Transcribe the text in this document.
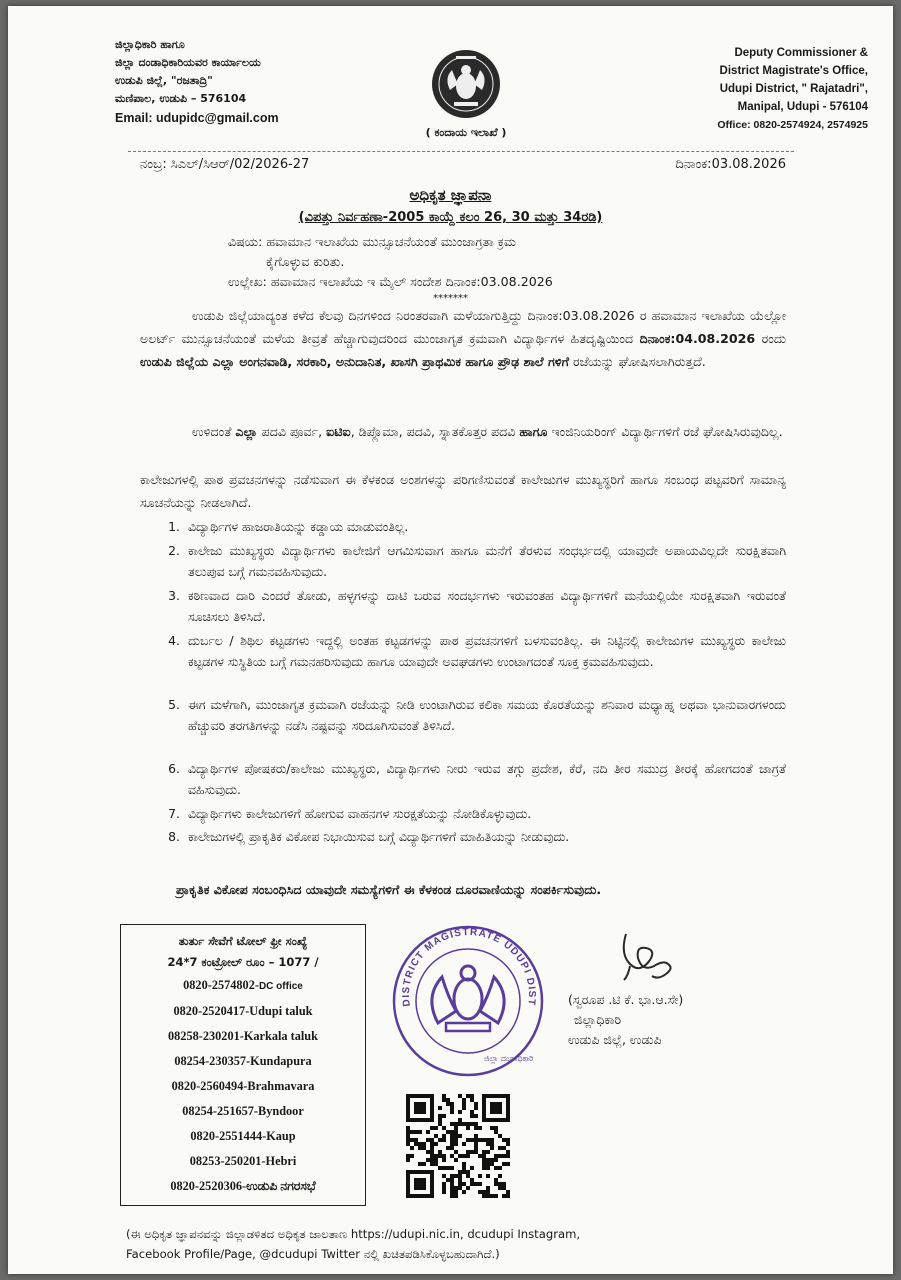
ಜಿಲ್ಲಾಧಿಕಾರಿ ಹಾಗೂ
ಜಿಲ್ಲಾ ದಂಡಾಧಿಕಾರಿಯವರ ಕಾರ್ಯಾಲಯ
ಉಡುಪಿ ಜಿಲ್ಲೆ, "ರಜತಾದ್ರಿ"
ಮಣಿಪಾಲ, ಉಡುಪಿ – 576104
Email: udupidc@gmail.com
( ಕಂದಾಯ ಇಲಾಖೆ )
Deputy Commissioner &
District Magistrate's Office,
Udupi District, " Rajatadri",
Manipal, Udupi - 576104
Office: 0820-2574924, 2574925
ನಂಬ್ರ: ಸಿಎಲ್/ಸಿಆರ್/02/2026-27	ದಿನಾಂಕ:03.08.2026
ಅಧಿಕೃತ ಜ್ಞಾಪನಾ
(ವಿಪತ್ತು ನಿರ್ವಹಣಾ-2005 ಕಾಯ್ದೆ ಕಲಂ 26, 30 ಮತ್ತು 34ರಡಿ)
ವಿಷಯ: ಹವಾಮಾನ ಇಲಾಖೆಯ ಮುನ್ಸೂಚನೆಯಂತೆ ಮುಂಜಾಗ್ರತಾ ಕ್ರಮ
ಕೈಗೊಳ್ಳುವ ಕುರಿತು.
ಉಲ್ಲೇಖ: ಹವಾಮಾನ ಇಲಾಖೆಯ ಇ ಮೈಲ್ ಸಂದೇಶ ದಿನಾಂಕ:03.08.2026
*******
ಉಡುಪಿ ಜಿಲ್ಲೆಯಾದ್ಯಂತ ಕಳೆದ ಕೆಲವು ದಿನಗಳಿಂದ ನಿರಂತರವಾಗಿ ಮಳೆಯಾಗುತ್ತಿದ್ದು ದಿನಾಂಕ:03.08.2026 ರ ಹವಾಮಾನ ಇಲಾಖೆಯ ಯೆಲ್ಲೋ ಅಲರ್ಟ್ ಮುನ್ಸೂಚನೆಯಂತೆ ಮಳೆಯ ತೀವ್ರತೆ ಹೆಚ್ಚಾಗುವುದರಿಂದ ಮುಂಜಾಗೃತ ಕ್ರಮವಾಗಿ ವಿದ್ಯಾರ್ಥಿಗಳ ಹಿತದೃಷ್ಟಿಯಿಂದ ದಿನಾಂಕ:04.08.2026 ರಂದು ಉಡುಪಿ ಜಿಲ್ಲೆಯ ಎಲ್ಲಾ ಅಂಗನವಾಡಿ, ಸರಕಾರಿ, ಅನುದಾನಿತ, ಖಾಸಗಿ ಪ್ರಾಥಮಿಕ ಹಾಗೂ ಪ್ರೌಢ ಶಾಲೆ ಗಳಿಗೆ ರಜೆಯನ್ನು ಘೋಷಿಸಲಾಗಿರುತ್ತದೆ.
ಉಳಿದಂತೆ ಎಲ್ಲಾ ಪದವಿ ಪೂರ್ವ, ಐಟಿಐ, ಡಿಪ್ಲೊಮಾ, ಪದವಿ, ಸ್ನಾತಕೊತ್ತರ ಪದವಿ ಹಾಗೂ ಇಂಜಿನಿಯರಿಂಗ್ ವಿದ್ಯಾರ್ಥಿಗಳಿಗೆ ರಜೆ ಘೋಷಿಸಿರುವುದಿಲ್ಲ.
ಕಾಲೇಜುಗಳಲ್ಲಿ ಪಾಠ ಪ್ರವಚನಗಳನ್ನು ನಡೆಸುವಾಗ ಈ ಕೆಳಕಂಡ ಅಂಶಗಳನ್ನು ಪರಿಗಣಿಸುವಂತೆ ಕಾಲೇಜುಗಳ ಮುಖ್ಯಸ್ಥರಿಗೆ ಹಾಗೂ ಸಂಬಂಧ ಪಟ್ಟವರಿಗೆ ಸಾಮಾನ್ಯ ಸೂಚನೆಯನ್ನು ನೀಡಲಾಗಿದೆ.
1. ವಿದ್ಯಾರ್ಥಿಗಳ ಹಾಜರಾತಿಯನ್ನು ಕಡ್ಡಾಯ ಮಾಡುವಂತಿಲ್ಲ.
2. ಕಾಲೇಜು ಮುಖ್ಯಸ್ಥರು ವಿದ್ಯಾರ್ಥಿಗಳು ಕಾಲೇಜಿಗೆ ಆಗಮಿಸುವಾಗ ಹಾಗೂ ಮನೆಗೆ ತೆರಳುವ ಸಂಧರ್ಭದಲ್ಲಿ ಯಾವುದೇ ಅಪಾಯವಿಲ್ಲದೇ ಸುರಕ್ಷಿತವಾಗಿ ತಲುಪುವ ಬಗ್ಗೆ ಗಮನವಹಿಸುವುದು.
3. ಕಠಿಣವಾದ ದಾರಿ ಎಂದರೆ ತೋಡು, ಹಳ್ಳಗಳನ್ನು ದಾಟಿ ಬರುವ ಸಂದರ್ಭಗಳು ಇರುವಂತಹ ವಿದ್ಯಾರ್ಥಿಗಳಿಗೆ ಮನೆಯಲ್ಲಿಯೇ ಸುರಕ್ಷಿತವಾಗಿ ಇರುವಂತೆ ಸೂಚಿಸಲು ತಿಳಿಸಿದೆ.
4. ದುರ್ಬಲ / ಶಿಥಿಲ ಕಟ್ಟಡಗಳು ಇದ್ದಲ್ಲಿ ಅಂತಹ ಕಟ್ಟಡಗಳನ್ನು ಪಾಠ ಪ್ರವಚನಗಳಿಗೆ ಬಳಸುವಂತಿಲ್ಲ. ಈ ನಿಟ್ಟಿನಲ್ಲಿ ಕಾಲೇಜುಗಳ ಮುಖ್ಯಸ್ಥರು ಕಾಲೇಜು ಕಟ್ಟಡಗಳ ಸುಸ್ಥಿತಿಯ ಬಗ್ಗೆ ಗಮನಹರಿಸುವುದು ಹಾಗೂ ಯಾವುದೇ ಅವಘಡಗಳು ಉಂಟಾಗದಂತೆ ಸೂಕ್ತ ಕ್ರಮವಹಿಸುವುದು.
5. ಈಗ ಮಳೆಗಾಗಿ, ಮುಂಜಾಗೃತ ಕ್ರಮವಾಗಿ ರಜೆಯನ್ನು ನೀಡಿ ಉಂಟಾಗಿರುವ ಕಲಿಕಾ ಸಮಯ ಕೊರತೆಯನ್ನು ಶನಿವಾರ ಮಧ್ಯಾಹ್ನ ಅಥವಾ ಭಾನುವಾರಗಳಂದು ಹೆಚ್ಚುವರಿ ತರಗತಿಗಳನ್ನು ನಡೆಸಿ ನಷ್ಟವನ್ನು ಸರಿದೂಗಿಸುವಂತೆ ತಿಳಿಸಿದೆ.
6. ವಿದ್ಯಾರ್ಥಿಗಳ ಪೋಷಕರು/ಕಾಲೇಜು ಮುಖ್ಯಸ್ಥರು, ವಿದ್ಯಾರ್ಥಿಗಳು ನೀರು ಇರುವ ತಗ್ಗು ಪ್ರದೇಶ, ಕೆರೆ, ನದಿ ತೀರ ಸಮುದ್ರ ತೀರಕ್ಕೆ ಹೋಗದಂತೆ ಜಾಗ್ರತೆ ವಹಿಸುವುದು.
7. ವಿದ್ಯಾರ್ಥಿಗಳು ಕಾಲೇಜುಗಳಿಗೆ ಹೋಗುವ ವಾಹನಗಳ ಸುರಕ್ಷತೆಯನ್ನು ನೋಡಿಕೊಳ್ಳುವುದು.
8. ಕಾಲೇಜುಗಳಲ್ಲಿ ಪ್ರಾಕೃತಿಕ ವಿಕೋಪ ನಿಭಾಯಿಸುವ ಬಗ್ಗೆ ವಿದ್ಯಾರ್ಥಿಗಳಿಗೆ ಮಾಹಿತಿಯನ್ನು ನೀಡುವುದು.
ಪ್ರಾಕೃತಿಕ ವಿಕೋಪ ಸಂಬಂಧಿಸಿದ ಯಾವುದೇ ಸಮಸ್ಯೆಗಳಿಗೆ ಈ ಕೆಳಕಂಡ ದೂರವಾಣಿಯನ್ನು ಸಂಪರ್ಕಿಸುವುದು.
ತುರ್ತು ಸೇವೆಗೆ ಟೋಲ್ ಫ್ರೀ ಸಂಖ್ಯೆ
24*7 ಕಂಟ್ರೋಲ್ ರೂಂ – 1077 /
0820-2574802-DC office
0820-2520417-Udupi taluk
08258-230201-Karkala taluk
08254-230357-Kundapura
0820-2560494-Brahmavara
08254-251657-Byndoor
0820-2551444-Kaup
08253-250201-Hebri
0820-2520306-ಉಡುಪಿ ನಗರಸಭೆ
DISTRICT MAGISTRATE UDUPI DIST
ಜಿಲ್ಲಾ ದಂಡಾಧಿಕಾರಿ
(ಸ್ವರೂಪ .ಟಿ ಕೆ. ಭಾ.ಆ.ಸೇ)
ಜಿಲ್ಲಾಧಿಕಾರಿ
ಉಡುಪಿ ಜಿಲ್ಲೆ, ಉಡುಪಿ
(ಈ ಅಧಿಕೃತ ಜ್ಞಾಪನವನ್ನು ಜಿಲ್ಲಾಡಳಿತದ ಅಧಿಕೃತ ಜಾಲತಾಣ https://udupi.nic.in, dcudupi Instagram,
Facebook Profile/Page, @dcudupi Twitter ನಲ್ಲಿ ಖಚಿತಪಡಿಸಿಕೊಳ್ಳಬಹುದಾಗಿದೆ.)
